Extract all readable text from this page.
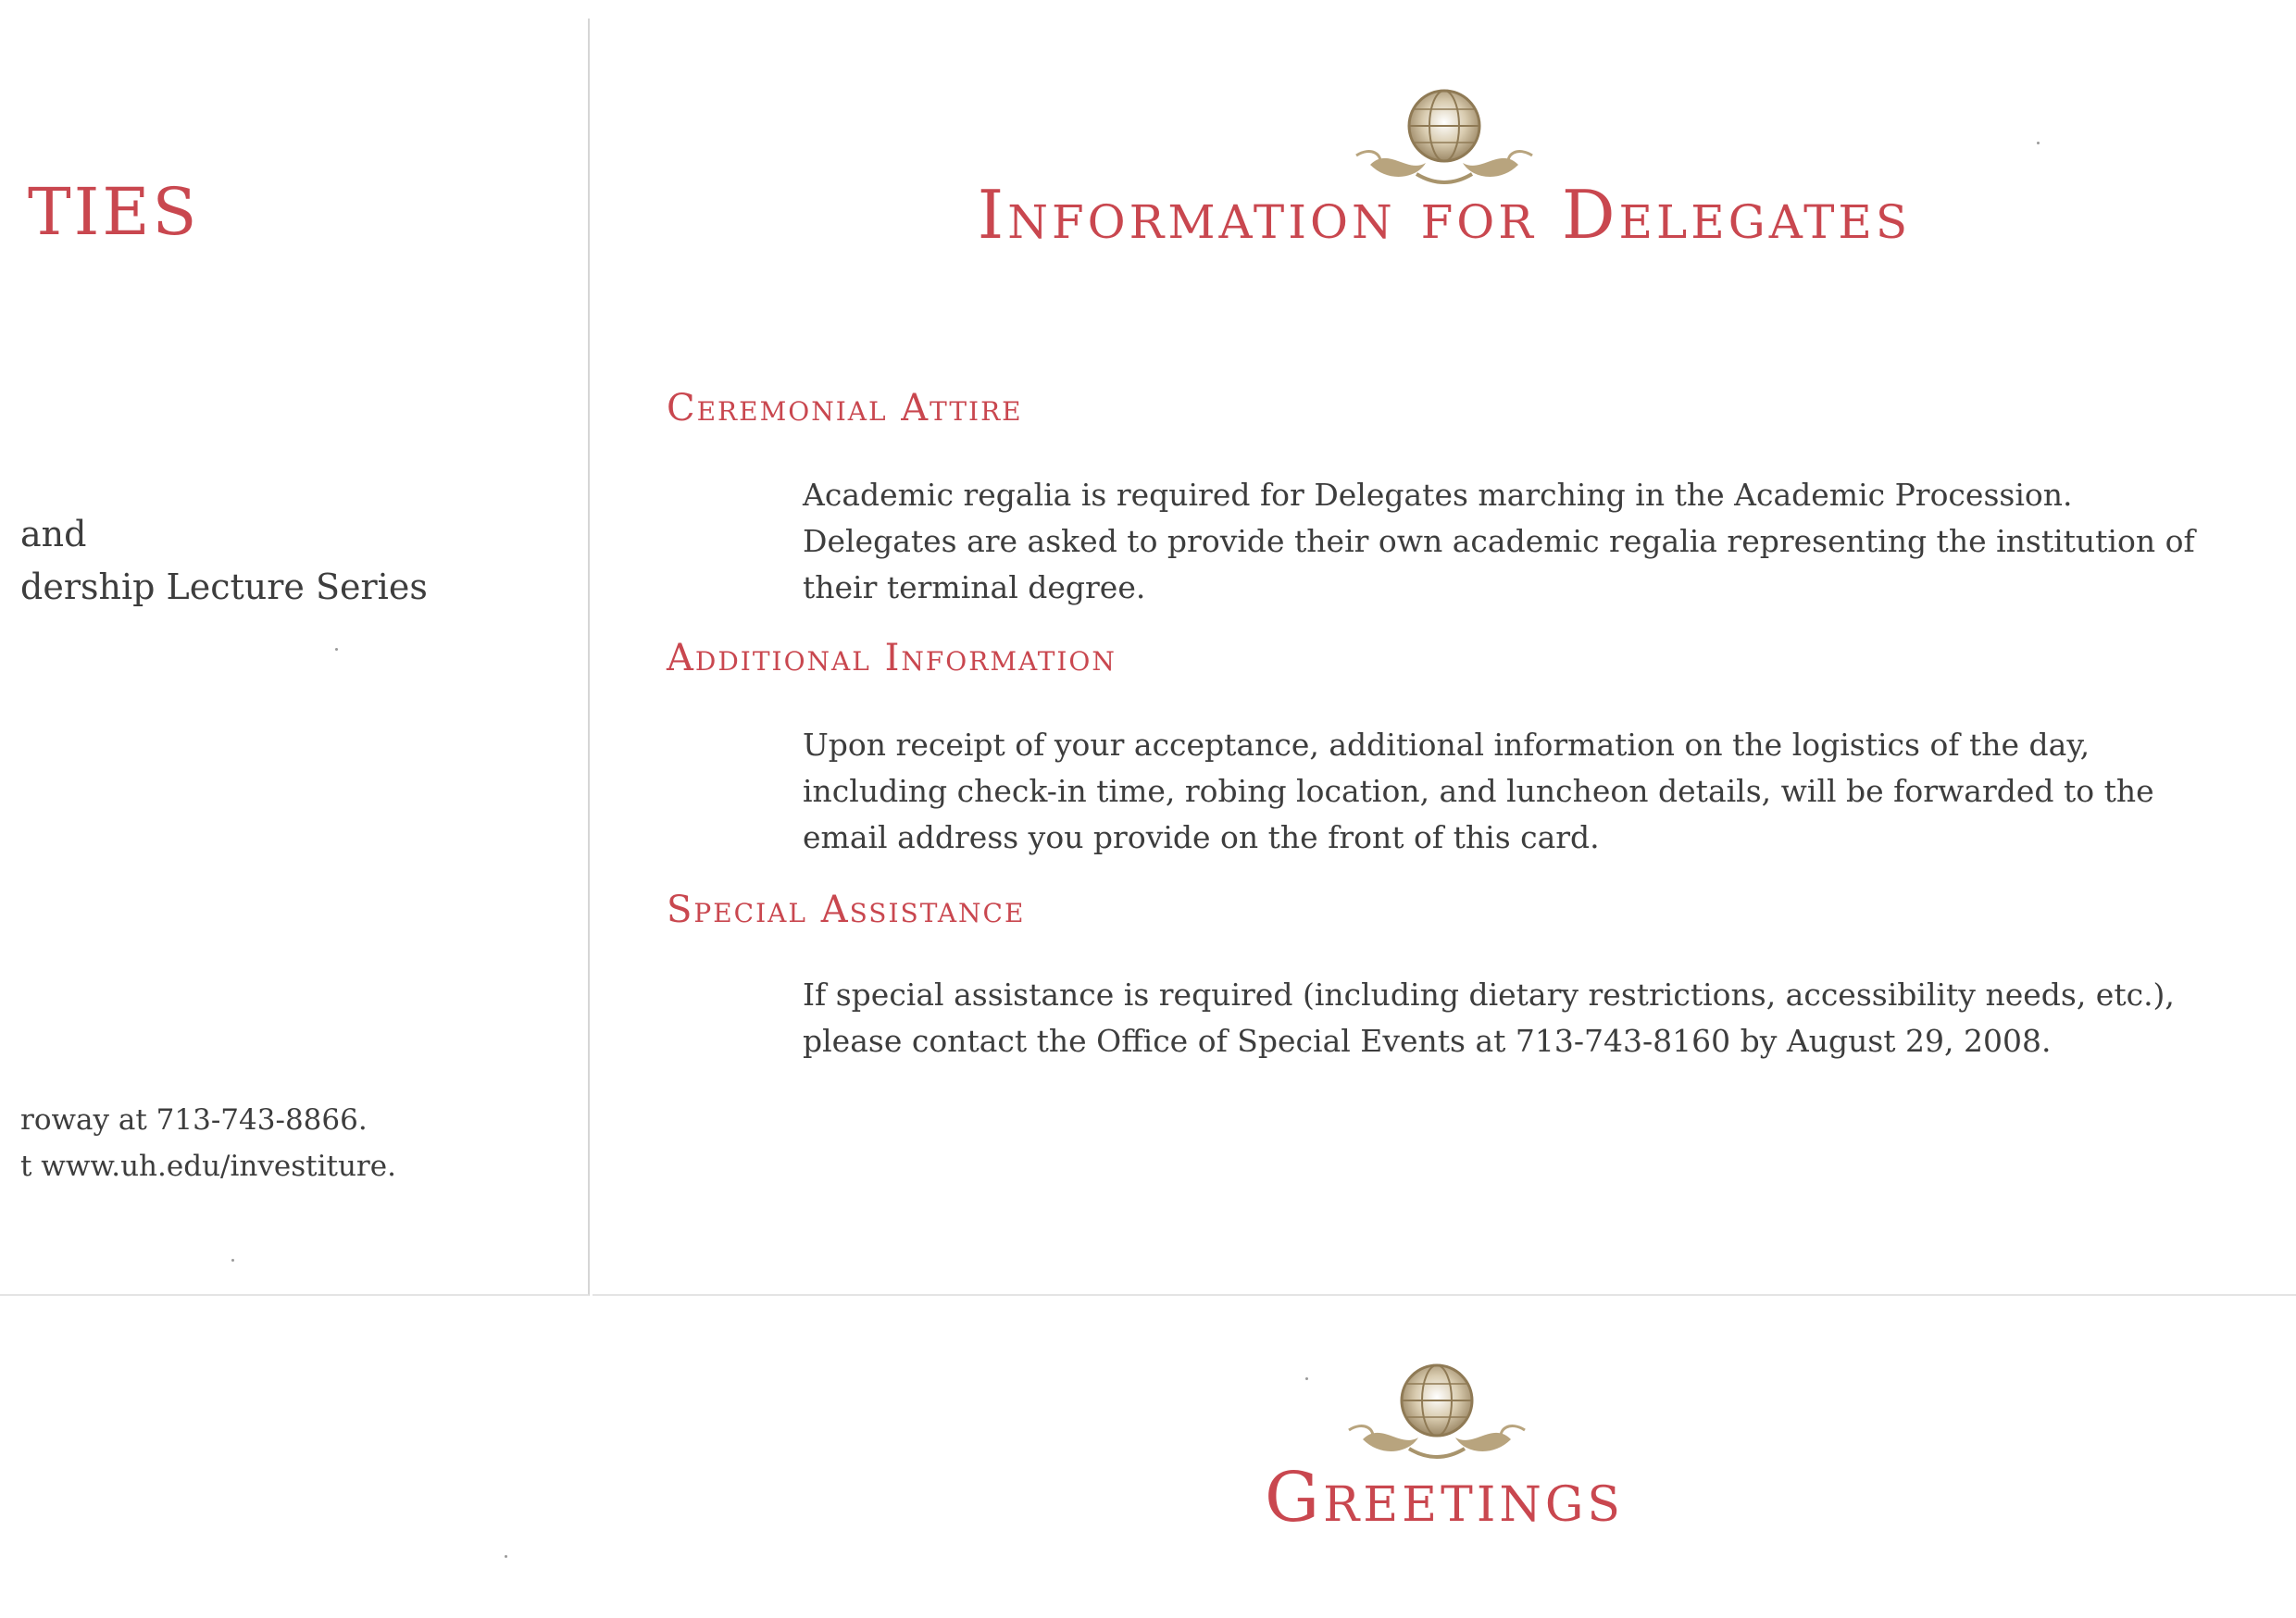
TIES
and
dership Lecture Series
roway at 713-743-8866.
t www.uh.edu/investiture.
Information for Delegates
Ceremonial Attire
Academic regalia is required for Delegates marching in the Academic Procession. Delegates are asked to provide their own academic regalia representing the institution of their terminal degree.
Additional Information
Upon receipt of your acceptance, additional information on the logistics of the day, including check-in time, robing location, and luncheon details, will be forwarded to the email address you provide on the front of this card.
Special Assistance
If special assistance is required (including dietary restrictions, accessibility needs, etc.), please contact the Office of Special Events at 713-743-8160 by August 29, 2008.
Greetings
